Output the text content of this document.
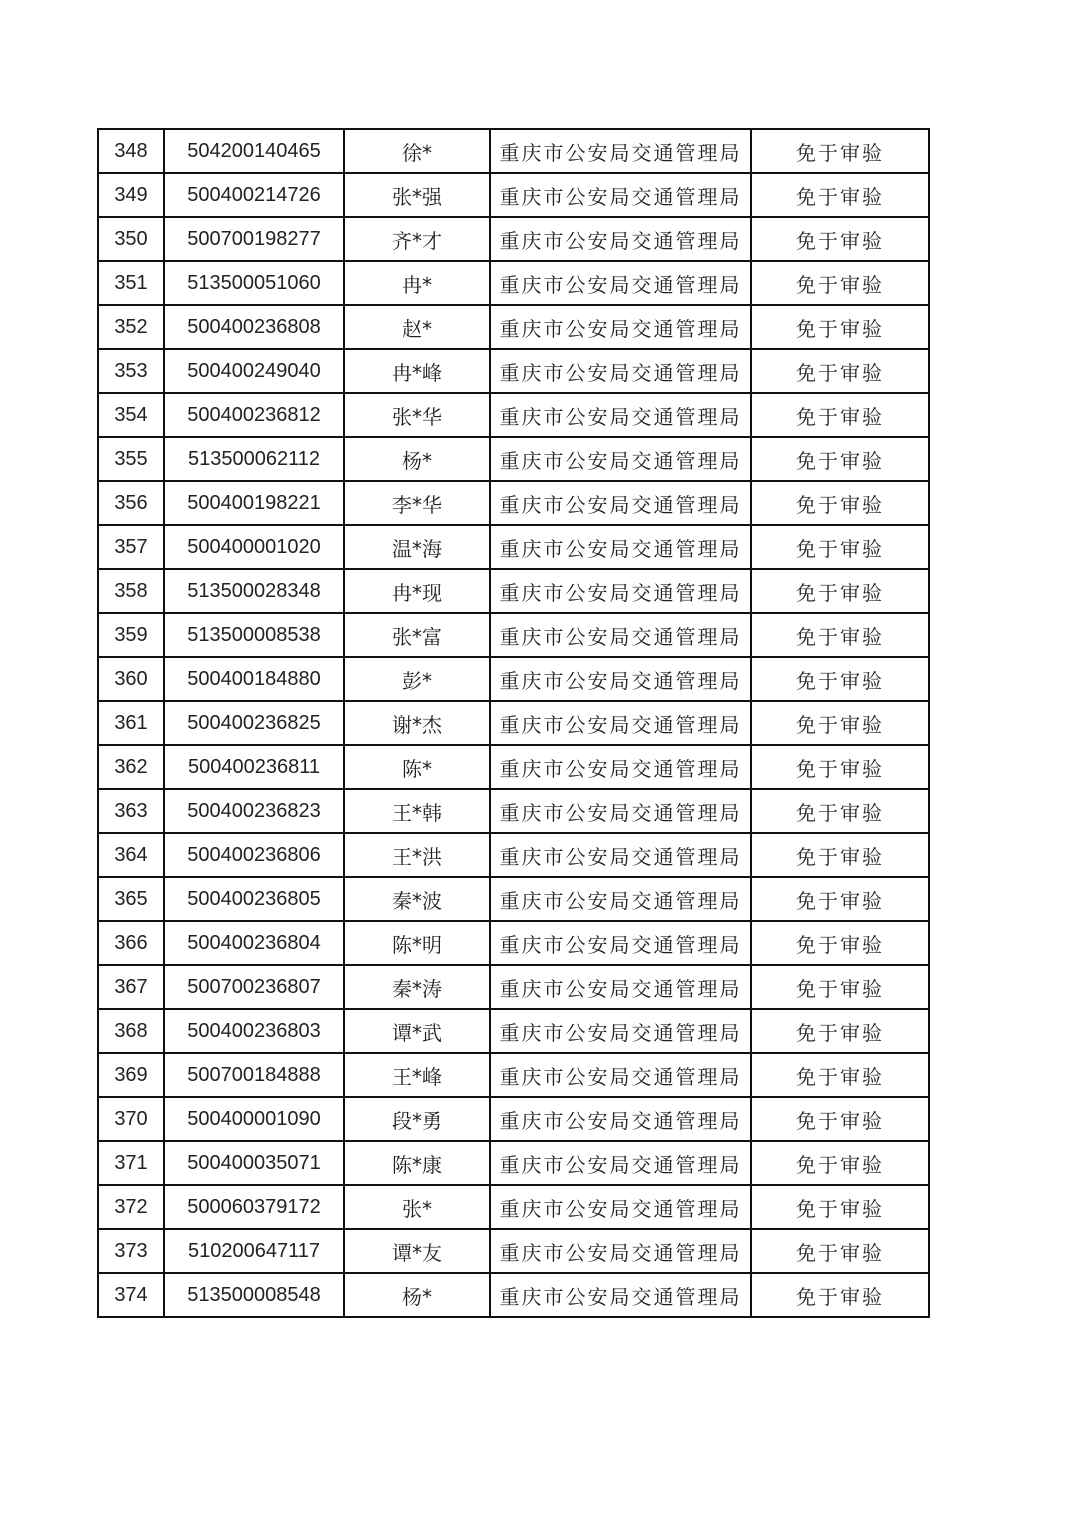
348	504200140465	徐*	重庆市公安局交通管理局	免于审验
349	500400214726	张*强	重庆市公安局交通管理局	免于审验
350	500700198277	齐*才	重庆市公安局交通管理局	免于审验
351	513500051060	冉*	重庆市公安局交通管理局	免于审验
352	500400236808	赵*	重庆市公安局交通管理局	免于审验
353	500400249040	冉*峰	重庆市公安局交通管理局	免于审验
354	500400236812	张*华	重庆市公安局交通管理局	免于审验
355	513500062112	杨*	重庆市公安局交通管理局	免于审验
356	500400198221	李*华	重庆市公安局交通管理局	免于审验
357	500400001020	温*海	重庆市公安局交通管理局	免于审验
358	513500028348	冉*现	重庆市公安局交通管理局	免于审验
359	513500008538	张*富	重庆市公安局交通管理局	免于审验
360	500400184880	彭*	重庆市公安局交通管理局	免于审验
361	500400236825	谢*杰	重庆市公安局交通管理局	免于审验
362	500400236811	陈*	重庆市公安局交通管理局	免于审验
363	500400236823	王*韩	重庆市公安局交通管理局	免于审验
364	500400236806	王*洪	重庆市公安局交通管理局	免于审验
365	500400236805	秦*波	重庆市公安局交通管理局	免于审验
366	500400236804	陈*明	重庆市公安局交通管理局	免于审验
367	500700236807	秦*涛	重庆市公安局交通管理局	免于审验
368	500400236803	谭*武	重庆市公安局交通管理局	免于审验
369	500700184888	王*峰	重庆市公安局交通管理局	免于审验
370	500400001090	段*勇	重庆市公安局交通管理局	免于审验
371	500400035071	陈*康	重庆市公安局交通管理局	免于审验
372	500060379172	张*	重庆市公安局交通管理局	免于审验
373	510200647117	谭*友	重庆市公安局交通管理局	免于审验
374	513500008548	杨*	重庆市公安局交通管理局	免于审验
